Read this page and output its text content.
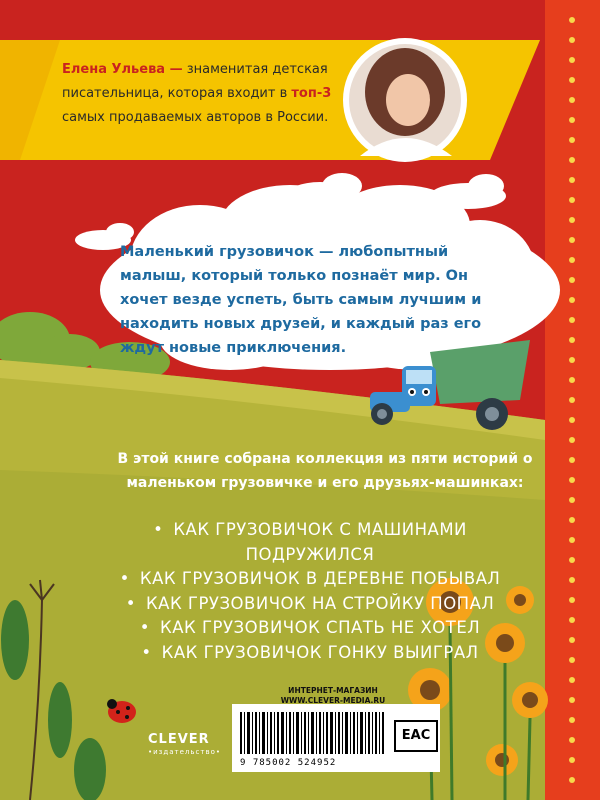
Елена Ульева — знаменитая детская писательница, которая входит в топ-3 самых продаваемых авторов в России.
Маленький грузовичок — любопытный малыш, который только познаёт мир. Он хочет везде успеть, быть самым лучшим и находить новых друзей, и каждый раз его ждут новые приключения.
В этой книге собрана коллекция из пяти историй о маленьком грузовичке и его друзьях-машинках:
• КАК ГРУЗОВИЧОК С МАШИНАМИ ПОДРУЖИЛСЯ
• КАК ГРУЗОВИЧОК В ДЕРЕВНЕ ПОБЫВАЛ
• КАК ГРУЗОВИЧОК НА СТРОЙКУ ПОПАЛ
• КАК ГРУЗОВИЧОК СПАТЬ НЕ ХОТЕЛ
• КАК ГРУЗОВИЧОК ГОНКУ ВЫИГРАЛ
ИНТЕРНЕТ-МАГАЗИН
WWW.CLEVER-MEDIA.RU
9 785002 524952
EAC
CLEVER
•издательство•
